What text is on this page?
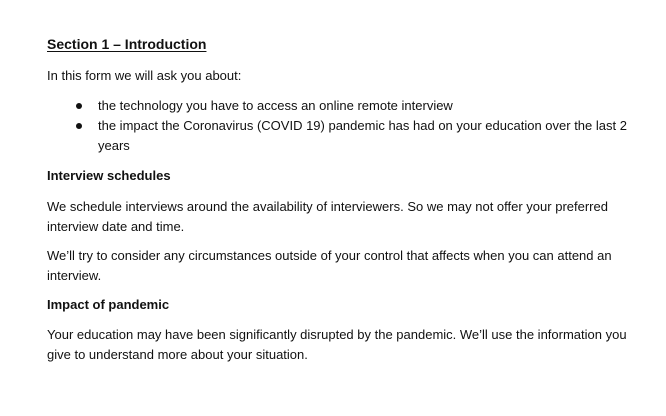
Section 1 – Introduction

In this form we will ask you about:

the technology you have to access an online remote interview
the impact the Coronavirus (COVID 19) pandemic has had on your education over the last 2 years
Interview schedules

We schedule interviews around the availability of interviewers. So we may not offer your preferred interview date and time.

We’ll try to consider any circumstances outside of your control that affects when you can attend an interview.

Impact of pandemic

Your education may have been significantly disrupted by the pandemic. We’ll use the information you give to understand more about your situation.
